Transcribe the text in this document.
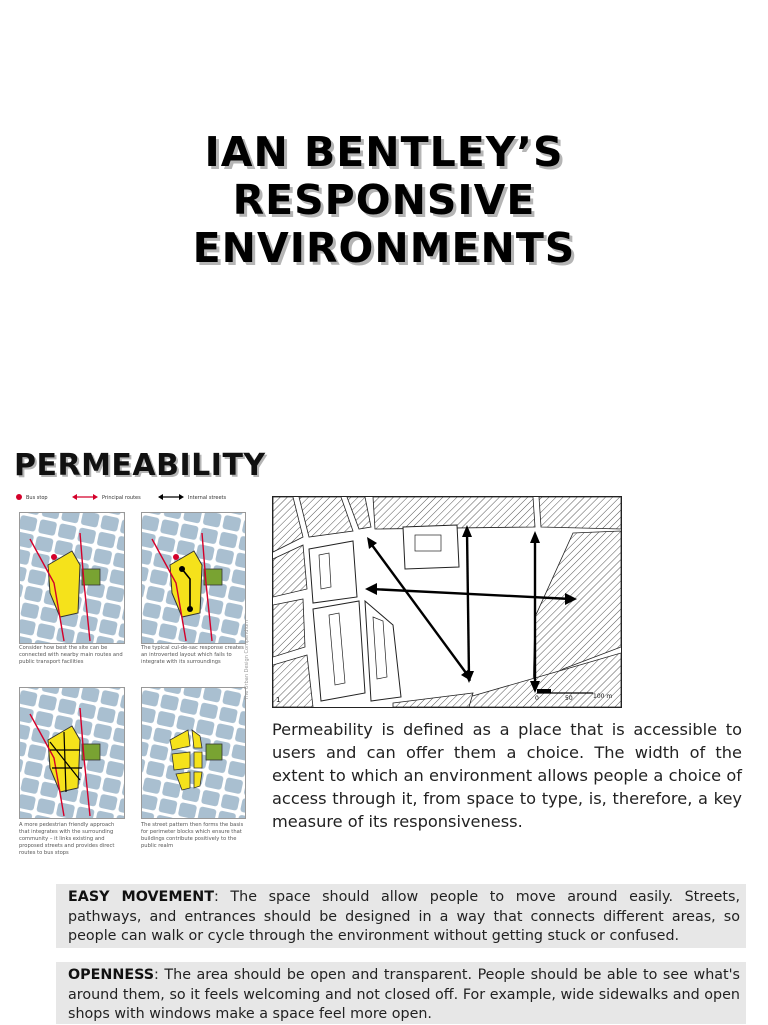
IAN BENTLEY’S
RESPONSIVE
ENVIRONMENTS
PERMEABILITY
Bus stop	Principal routes	Internal streets
Consider how best the site can be connected with nearby main routes and public transport facilities
The typical cul-de-sac response creates an introverted layout which fails to integrate with its surroundings
A more pedestrian friendly approach that integrates with the surrounding community – it links existing and proposed streets and provides direct routes to bus stops
The street pattern then forms the basis for perimeter blocks which ensure that buildings contribute positively to the public realm
The Urban Design Compendium	0	50	100 m
1
Permeability is defined as a place that is accessible to users and can offer them a choice. The width of the extent to which an environment allows people a choice of access through it, from space to type, is, therefore, a key measure of its responsiveness.
EASY MOVEMENT: The space should allow people to move around easily. Streets, pathways, and entrances should be designed in a way that connects different areas, so people can walk or cycle through the environment without getting stuck or confused.
OPENNESS: The area should be open and transparent. People should be able to see what's around them, so it feels welcoming and not closed off. For example, wide sidewalks and open shops with windows make a space feel more open.
